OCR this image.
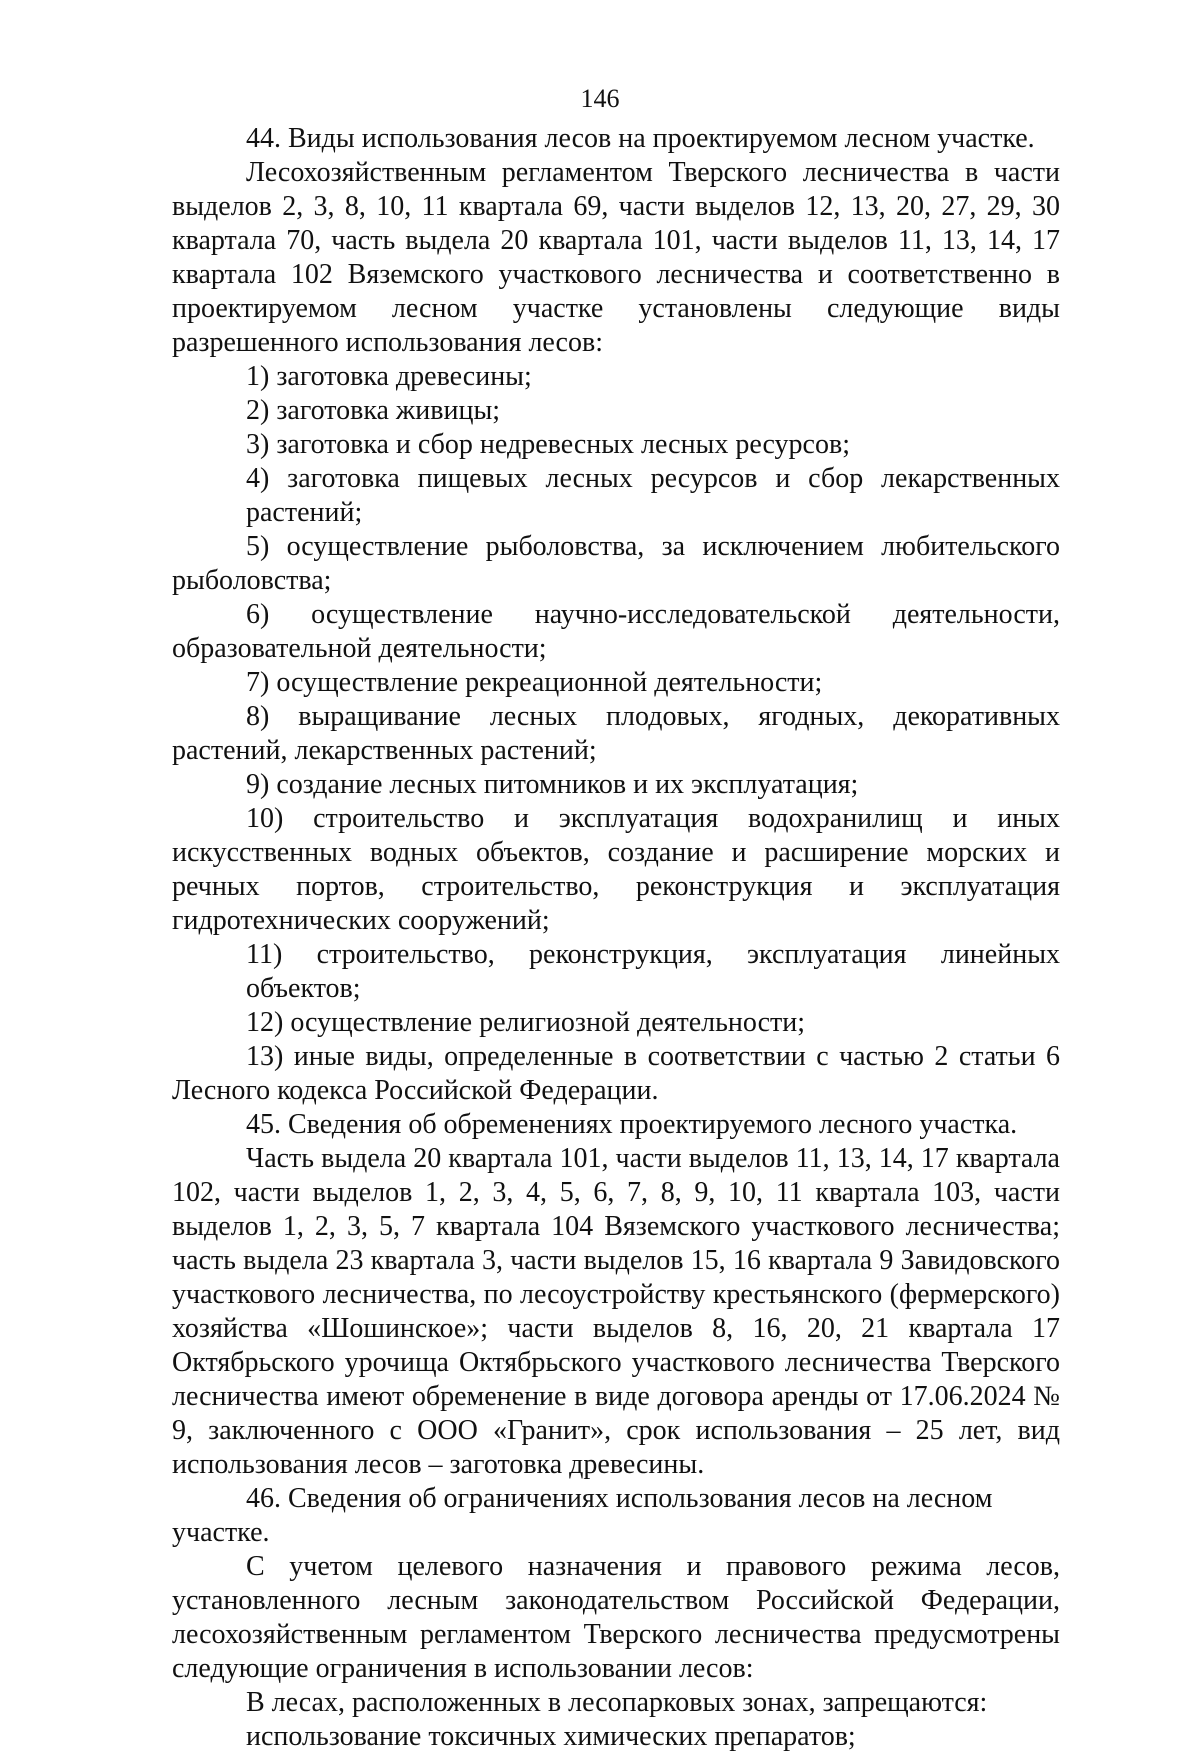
146

44. Виды использования лесов на проектируемом лесном участке.

Лесохозяйственным регламентом Тверского лесничества в части выделов 2, 3, 8, 10, 11 квартала 69, части выделов 12, 13, 20, 27, 29, 30 квартала 70, часть выдела 20 квартала 101, части выделов 11, 13, 14, 17 квартала 102 Вяземского участкового лесничества и соответственно в проектируемом лесном участке установлены следующие виды разрешенного использования лесов:

1) заготовка древесины;

2) заготовка живицы;

3) заготовка и сбор недревесных лесных ресурсов;

4) заготовка пищевых лесных ресурсов и сбор лекарственных растений;

5) осуществление рыболовства, за исключением любительского рыболовства;

6) осуществление научно-исследовательской деятельности, образовательной деятельности;

7) осуществление рекреационной деятельности;

8) выращивание лесных плодовых, ягодных, декоративных растений, лекарственных растений;

9) создание лесных питомников и их эксплуатация;

10) строительство и эксплуатация водохранилищ и иных искусственных водных объектов, создание и расширение морских и речных портов, строительство, реконструкция и эксплуатация гидротехнических сооружений;

11) строительство, реконструкция, эксплуатация линейных объектов;

12) осуществление религиозной деятельности;

13) иные виды, определенные в соответствии с частью 2 статьи 6 Лесного кодекса Российской Федерации.

45. Сведения об обременениях проектируемого лесного участка.

Часть выдела 20 квартала 101, части выделов 11, 13, 14, 17 квартала 102, части выделов 1, 2, 3, 4, 5, 6, 7, 8, 9, 10, 11 квартала 103, части выделов 1, 2, 3, 5, 7 квартала 104 Вяземского участкового лесничества; часть выдела 23 квартала 3, части выделов 15, 16 квартала 9 Завидовского участкового лесничества, по лесоустройству крестьянского (фермерского) хозяйства «Шошинское»; части выделов 8, 16, 20, 21 квартала 17 Октябрьского урочища Октябрьского участкового лесничества Тверского лесничества имеют обременение в виде договора аренды от 17.06.2024 № 9, заключенного с ООО «Гранит», срок использования – 25 лет, вид использования лесов – заготовка древесины.

46. Сведения об ограничениях использования лесов на лесном участке.

С учетом целевого назначения и правового режима лесов, установленного лесным законодательством Российской Федерации, лесохозяйственным регламентом Тверского лесничества предусмотрены следующие ограничения в использовании лесов:

В лесах, расположенных в лесопарковых зонах, запрещаются:

использование токсичных химических препаратов;
